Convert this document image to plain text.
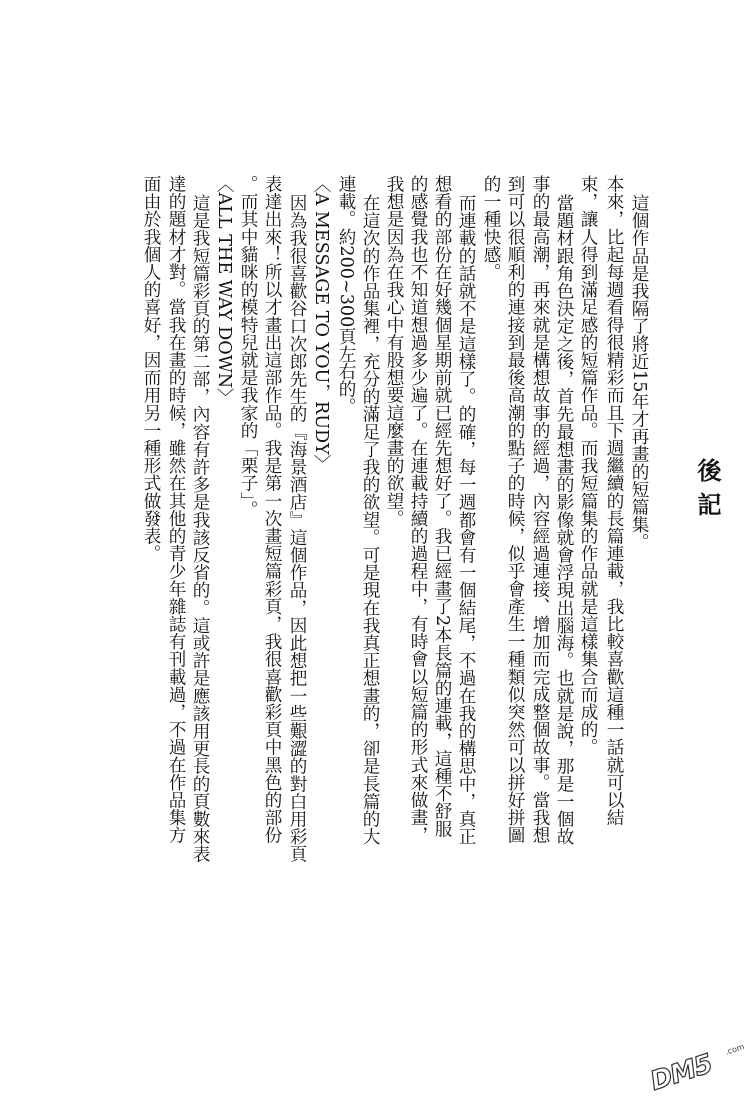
後記
這個作品是我隔了將近15年才再畫的短篇集。
本來，比起每週看得很精彩而且下週繼續的長篇連載，我比較喜歡這種一話就可以結
束，讓人得到滿足感的短篇作品。而我短篇集的作品就是這樣集合而成的。
當題材跟角色決定之後，首先最想畫的影像就會浮現出腦海。也就是說，那是一個故
事的最高潮，再來就是構想故事的經過，內容經過連接、增加而完成整個故事。當我想
到可以很順利的連接到最後高潮的點子的時候，似乎會產生一種類似突然可以拼好拼圖
的一種快感。
而連載的話就不是這樣了。的確，每一週都會有一個結尾，不過在我的構思中，真正
想看的部份在好幾個星期前就已經先想好了。我已經畫了2本長篇的連載，這種不舒服
的感覺我也不知道想過多少遍了。在連載持續的過程中，有時會以短篇的形式來做畫，
我想是因為在我心中有股想要這麼畫的欲望。
在這次的作品集裡，充分的滿足了我的欲望。可是現在我真正想畫的，卻是長篇的大
連載。約200~300頁左右的。
〈A MESSAGE TO YOU，RUDY〉
因為我很喜歡谷口次郎先生的『海景酒店』這個作品，因此想把一些艱澀的對白用彩頁
表達出來！所以才畫出這部作品。我是第一次畫短篇彩頁，我很喜歡彩頁中黑色的部份
。而其中貓咪的模特兒就是我家的「栗子」。
〈ALL THE WAY DOWN〉
這是我短篇彩頁的第二部，內容有許多是我該反省的。這或許是應該用更長的頁數來表
達的題材才對。當我在畫的時候，雖然在其他的青少年雜誌有刊載過，不過在作品集方
面由於我個人的喜好，因而用另一種形式做發表。
DM5 .com
